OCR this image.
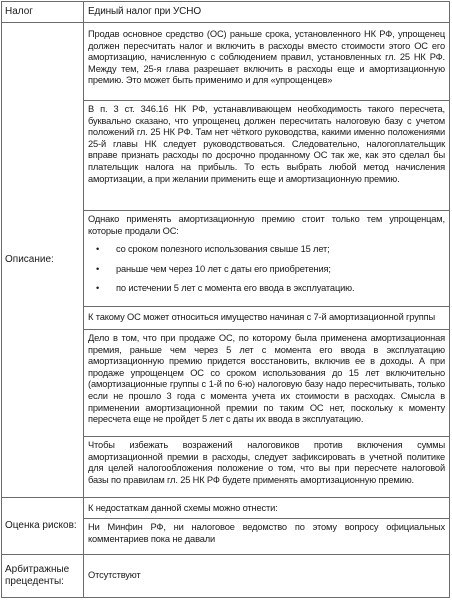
Налог	Единый налог при УСНО
Описание:

Продав основное средство (ОС) раньше срока, установленного НК РФ, упрощенец должен пересчитать налог и включить в расходы вместо стоимости этого ОС его амортизацию, начисленную с соблюдением правил, установленных гл. 25 НК РФ. Между тем, 25-я глава разрешает включить в расходы еще и амортизационную премию. Это может быть применимо и для «упрощенцев»

В п. 3 ст. 346.16 НК РФ, устанавливающем необходимость такого пересчета, буквально сказано, что упрощенец должен пересчитать налоговую базу с учетом положений гл. 25 НК РФ. Там нет чёткого руководства, какими именно положениями 25-й главы НК следует руководствоваться. Следовательно, налогоплательщик вправе признать расходы по досрочно проданному ОС так же, как это сделал бы плательщик налога на прибыль. То есть выбрать любой метод начисления амортизации, а при желании применить еще и амортизационную премию.

Однако применять амортизационную премию стоит только тем упрощенцам, которые продали ОС:

• со сроком полезного использования свыше 15 лет;

• раньше чем через 10 лет с даты его приобретения;

• по истечении 5 лет с момента его ввода в эксплуатацию.

К такому ОС может относиться имущество начиная с 7-й амортизационной группы

Дело в том, что при продаже ОС, по которому была применена амортизационная премия, раньше чем через 5 лет с момента его ввода в эксплуатацию амортизационную премию придется восстановить, включив ее в доходы. А при продаже упрощенцем ОС со сроком использования до 15 лет включительно (амортизационные группы с 1-й по 6-ю) налоговую базу надо пересчитывать, только если не прошло 3 года с момента учета их стоимости в расходах. Смысла в применении амортизационной премии по таким ОС нет, поскольку к моменту пересчета еще не пройдет 5 лет с даты их ввода в эксплуатацию.

Чтобы избежать возражений налоговиков против включения суммы амортизационной премии в расходы, следует зафиксировать в учетной политике для целей налогообложения положение о том, что вы при пересчете налоговой базы по правилам гл. 25 НК РФ будете применять амортизационную премию.

Оценка рисков:

К недостаткам данной схемы можно отнести:

Ни Минфин РФ, ни налоговое ведомство по этому вопросу официальных комментариев пока не давали

Арбитражные прецеденты:
Отсутствуют
